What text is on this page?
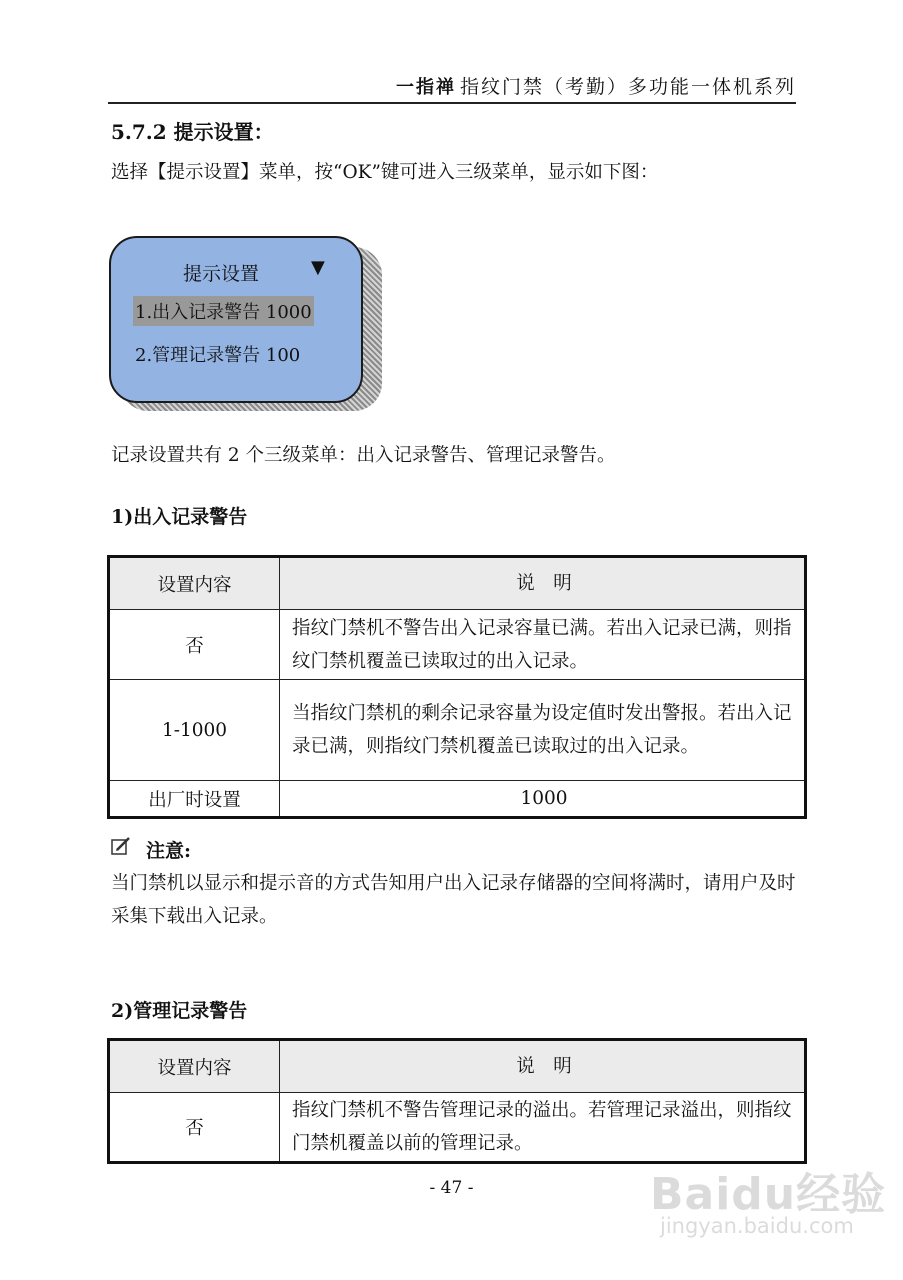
一指禅 指纹门禁（考勤）多功能一体机系列
5.7.2 提示设置：
选择【提示设置】菜单，按“OK”键可进入三级菜单，显示如下图：
提示设置	▼
1.出入记录警告 1000
2.管理记录警告 100
记录设置共有 2 个三级菜单：出入记录警告、管理记录警告。
1)出入记录警告
设置内容	说　明
否	指纹门禁机不警告出入记录容量已满。若出入记录已满，则指纹门禁机覆盖已读取过的出入记录。
1-1000	当指纹门禁机的剩余记录容量为设定值时发出警报。若出入记录已满，则指纹门禁机覆盖已读取过的出入记录。
出厂时设置	1000
注意:
当门禁机以显示和提示音的方式告知用户出入记录存储器的空间将满时，请用户及时采集下载出入记录。
2)管理记录警告
设置内容	说　明
否	指纹门禁机不警告管理记录的溢出。若管理记录溢出，则指纹门禁机覆盖以前的管理记录。
- 47 -	Baidu经验
jingyan.baidu.com
